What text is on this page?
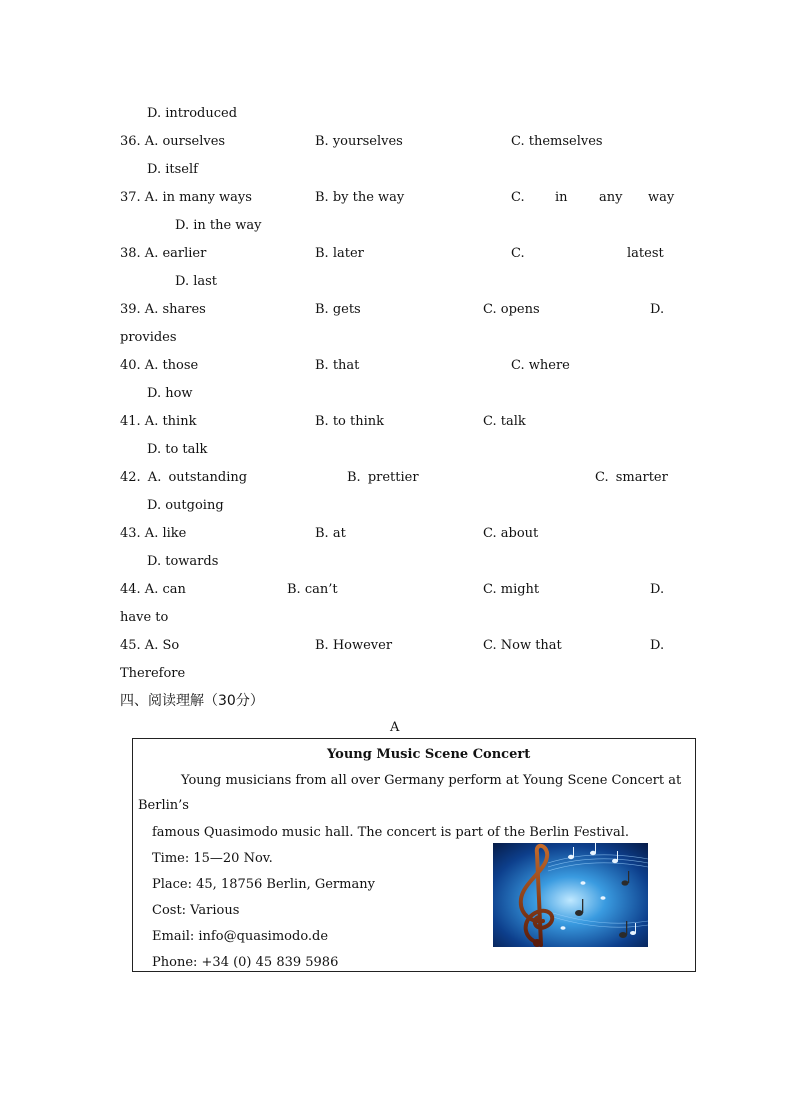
D. introduced
36. A. ourselves	B. yourselves	C. themselves
D. itself
37. A. in many ways	B. by the way	C. in any way
D. in the way
38. A. earlier	B. later	C.	latest
D. last
39. A. shares	B. gets	C. opens	D.
provides
40. A. those	B. that	C. where
D. how
41. A. think	B. to think	C. talk
D. to talk
42. A. outstanding	B. prettier	C. smarter
D. outgoing
43. A. like	B. at	C. about
D. towards
44. A. can	B. can’t	C. might	D.
have to
45. A. So	B. However	C. Now that	D.
Therefore
四、阅读理解（30分）
A
Young Music Scene Concert
Young musicians from all over Germany perform at Young Scene Concert at
Berlin’s
famous Quasimodo music hall. The concert is part of the Berlin Festival.
Time: 15—20 Nov.
Place: 45, 18756 Berlin, Germany
Cost: Various
Email: info@quasimodo.de
Phone: +34 (0) 45 839 5986
